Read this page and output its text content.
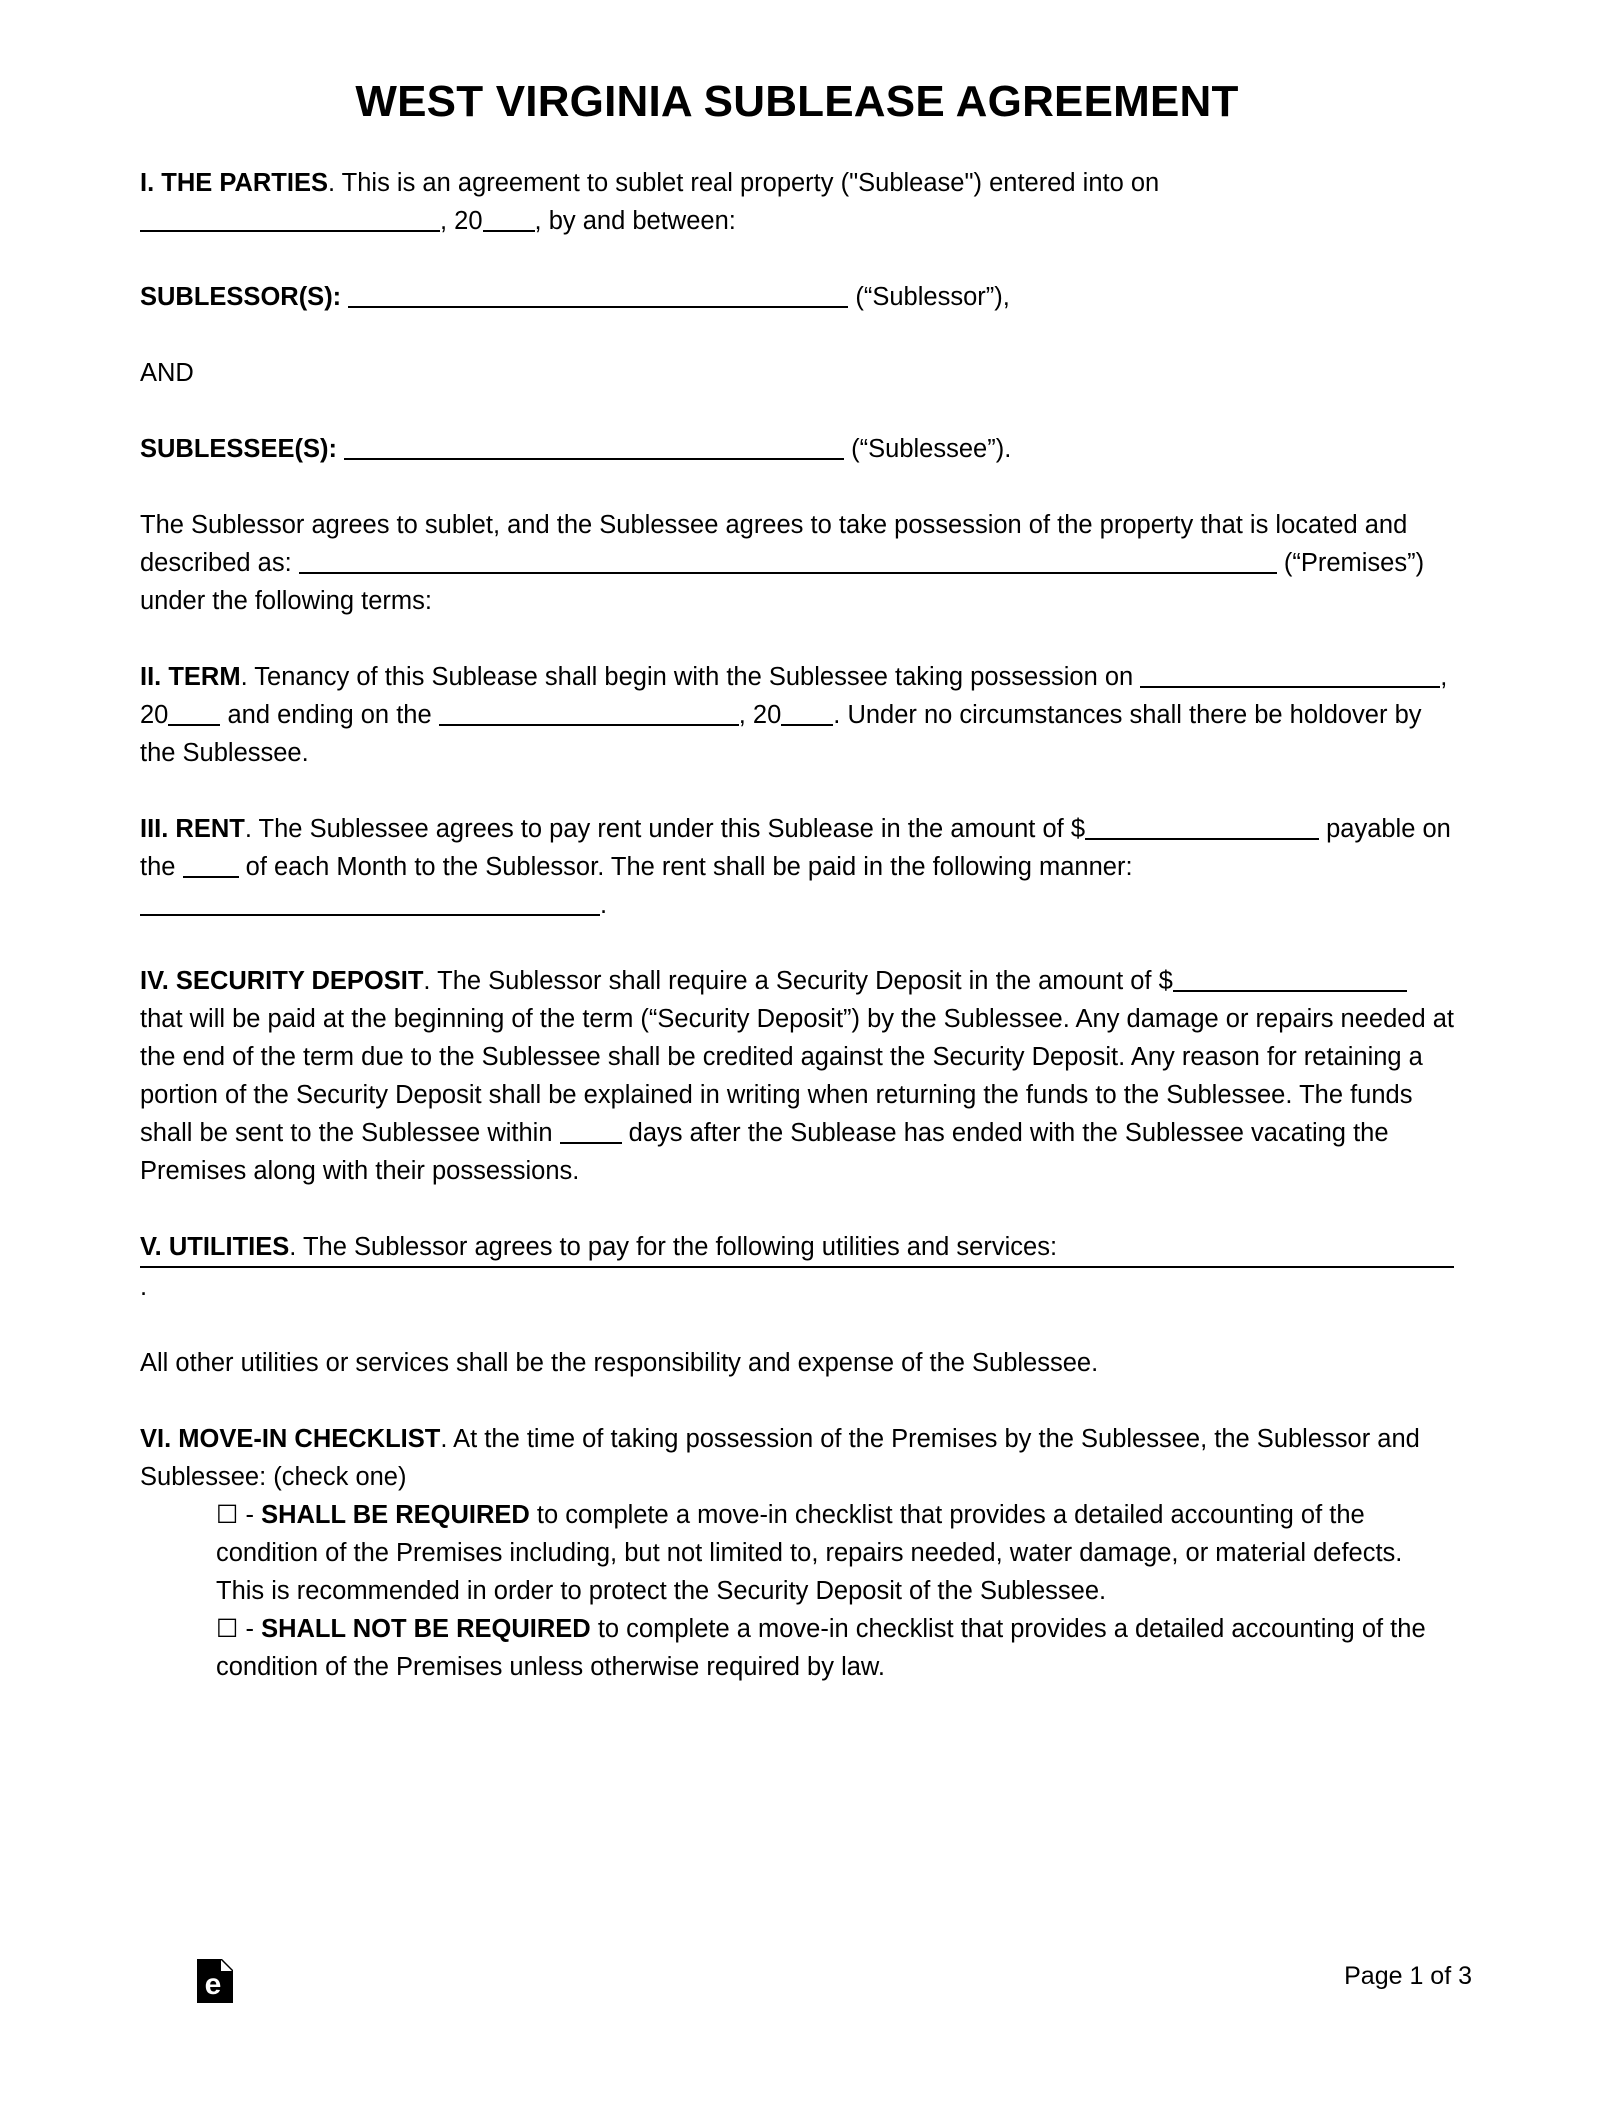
WEST VIRGINIA SUBLEASE AGREEMENT

I. THE PARTIES. This is an agreement to sublet real property ("Sublease") entered into on , 20 , by and between:

SUBLESSOR(S):	(“Sublessor”),

AND

SUBLESSEE(S):	(“Sublessee”).

The Sublessor agrees to sublet, and the Sublessee agrees to take possession of the property that is located and described as:	(“Premises”) under the following terms:

II. TERM. Tenancy of this Sublease shall begin with the Sublessee taking possession on	, 20 and ending on the	, 20 . Under no circumstances shall there be holdover by the Sublessee.

III. RENT. The Sublessee agrees to pay rent under this Sublease in the amount of $	payable on the  of each Month to the Sublessor. The rent shall be paid in the following manner: .

IV. SECURITY DEPOSIT. The Sublessor shall require a Security Deposit in the amount of $ that will be paid at the beginning of the term (“Security Deposit”) by the Sublessee. Any damage or repairs needed at the end of the term due to the Sublessee shall be credited against the Security Deposit. Any reason for retaining a portion of the Security Deposit shall be explained in writing when returning the funds to the Sublessee. The funds shall be sent to the Sublessee within  days after the Sublease has ended with the Sublessee vacating the Premises along with their possessions.

V. UTILITIES. The Sublessor agrees to pay for the following utilities and services:
.

All other utilities or services shall be the responsibility and expense of the Sublessee.

VI. MOVE-IN CHECKLIST. At the time of taking possession of the Premises by the Sublessee, the Sublessor and Sublessee: (check one)

☐ - SHALL BE REQUIRED to complete a move-in checklist that provides a detailed accounting of the condition of the Premises including, but not limited to, repairs needed, water damage, or material defects. This is recommended in order to protect the Security Deposit of the Sublessee.

☐ - SHALL NOT BE REQUIRED to complete a move-in checklist that provides a detailed accounting of the condition of the Premises unless otherwise required by law.

e	Page 1 of 3
